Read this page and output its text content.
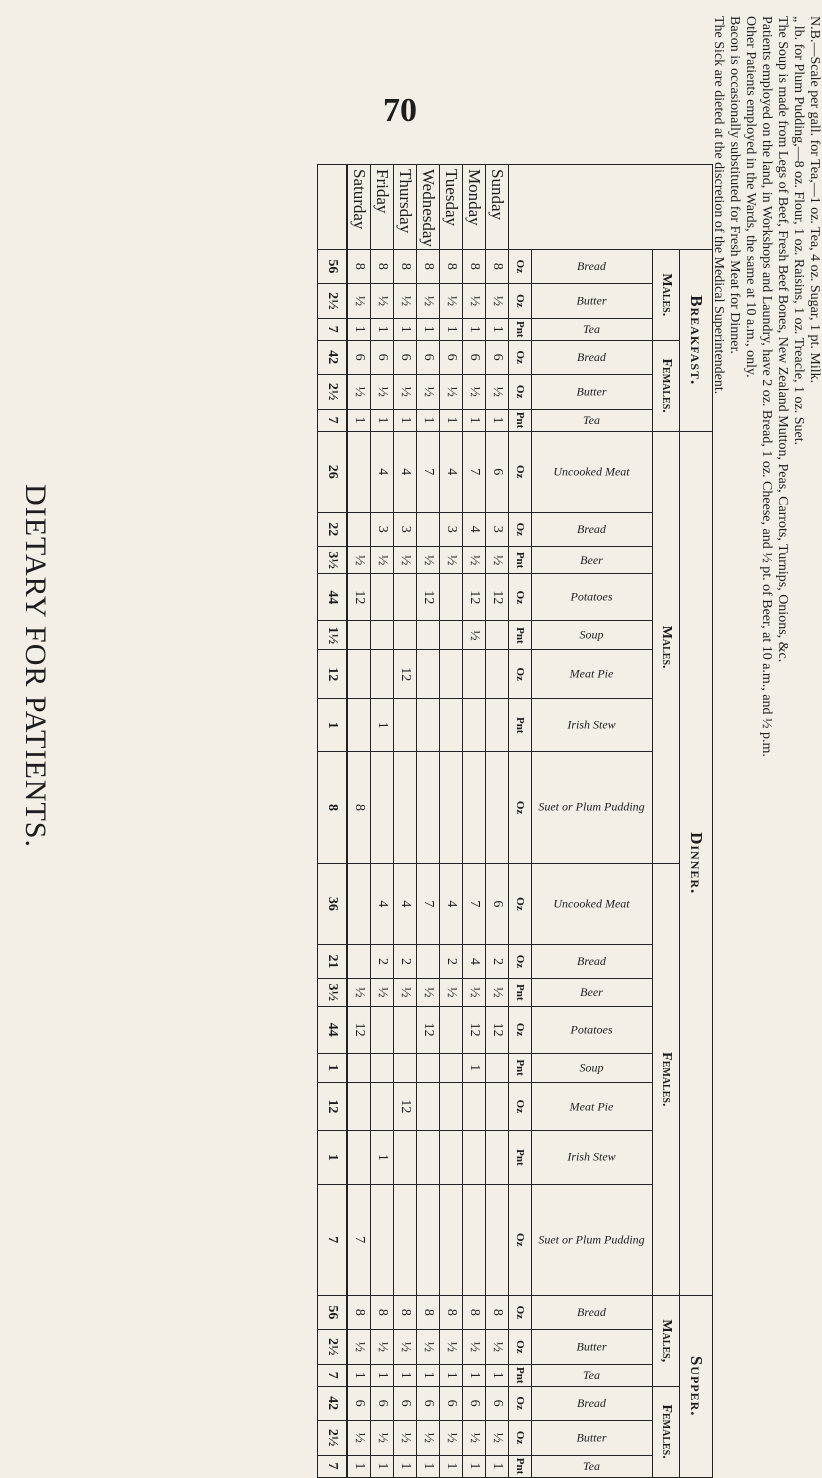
70
DIETARY FOR PATIENTS.
	Breakfast.						Dinner.																Supper.					
	Males.			Females.			Males.								Females.								Males,			Females.		
	Bread	Butter	Tea	Bread	Butter	Tea	Uncooked Meat	Bread	Beer	Potatoes	Soup	Meat Pie	Irish Stew	Suet or Plum Pudding	Uncooked Meat	Bread	Beer	Potatoes	Soup	Meat Pie	Irish Stew	Suet or Plum Pudding	Bread	Butter	Tea	Bread	Butter	Tea
	Oz	Oz	Pnt	Oz	Oz	Pnt	Oz	Oz	Pnt	Oz	Pnt	Oz	Pnt	Oz	Oz	Oz	Pnt	Oz	Pnt	Oz	Pnt	Oz	Oz	Oz	Pnt	Oz	Oz	Pnt
Sunday	8	½	1	6	½	1	6	3	½	12					6	2	½	12					8	½	1	6	½	1
Monday	8	½	1	6	½	1	7	4	½	12	½				7	4	½	12	1				8	½	1	6	½	1
Tuesday	8	½	1	6	½	1	4	3	½						4	2	½						8	½	1	6	½	1
Wednesday	8	½	1	6	½	1	7		½	12					7		½	12					8	½	1	6	½	1
Thursday	8	½	1	6	½	1	4	3	½			12			4	2	½			12			8	½	1	6	½	1
Friday	8	½	1	6	½	1	4	3	½				1		4	2	½				1		8	½	1	6	½	1
Saturday	8	½	1	6	½	1			½	12				8			½	12				7	8	½	1	6	½	1
	56	2½	7	42	2½	7	26	22	3½	44	1½	12	1	8	36	21	3½	44	1	12	1	7	56	2½	7	42	2½	7
N.B.—Scale per gall. for Tea,—1 oz. Tea, 4 oz. Sugar, 1 pt. Milk.
„ lb. for Plum Pudding,—8 oz. Flour, 1 oz. Raisins, 1 oz. Treacle, 1 oz. Suet.
The Soup is made from Legs of Beef, Fresh Beef Bones, New Zealand Mutton, Peas, Carrots, Turnips, Onions, &c.
Patients employed on the land, in Workshops and Laundry, have 2 oz. Bread, 1 oz. Cheese, and ½ pt. of Beer, at 10 a.m., and ½ p.m.
Other Patients employed in the Wards, the same at 10 a.m., only.
Bacon is occasionally substituted for Fresh Meat for Dinner.
The Sick are dieted at the discretion of the Medical Superintendent.
